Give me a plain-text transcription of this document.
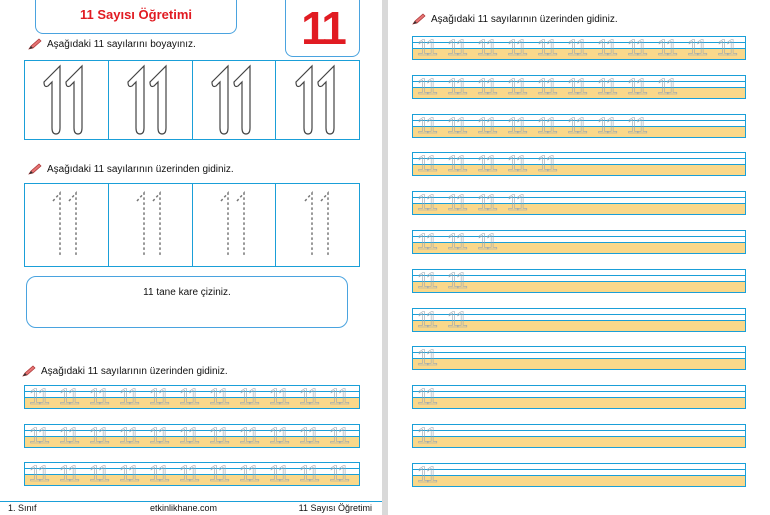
11 Sayısı Öğretimi	11
Aşağıdaki 11 sayılarını boyayınız.
Aşağıdaki 11 sayılarının üzerinden gidiniz.
11 tane kare çiziniz.
Aşağıdaki 11 sayılarının üzerinden gidiniz.
11 11 11 11 11 11 11 11 11 11 11
11 11 11 11 11 11 11 11 11 11 11
11 11 11 11 11 11 11 11 11 11 11
1. Sınıf	etkinlikhane.com	11 Sayısı Öğretimi
Aşağıdaki 11 sayılarının üzerinden gidiniz.
11 11 11 11 11 11 11 11 11 11 11
11 11 11 11 11 11 11 11 11
11 11 11 11 11 11 11 11
11 11 11 11 11
11 11 11 11
11 11 11
11 11
11 11
11
11
11
11
